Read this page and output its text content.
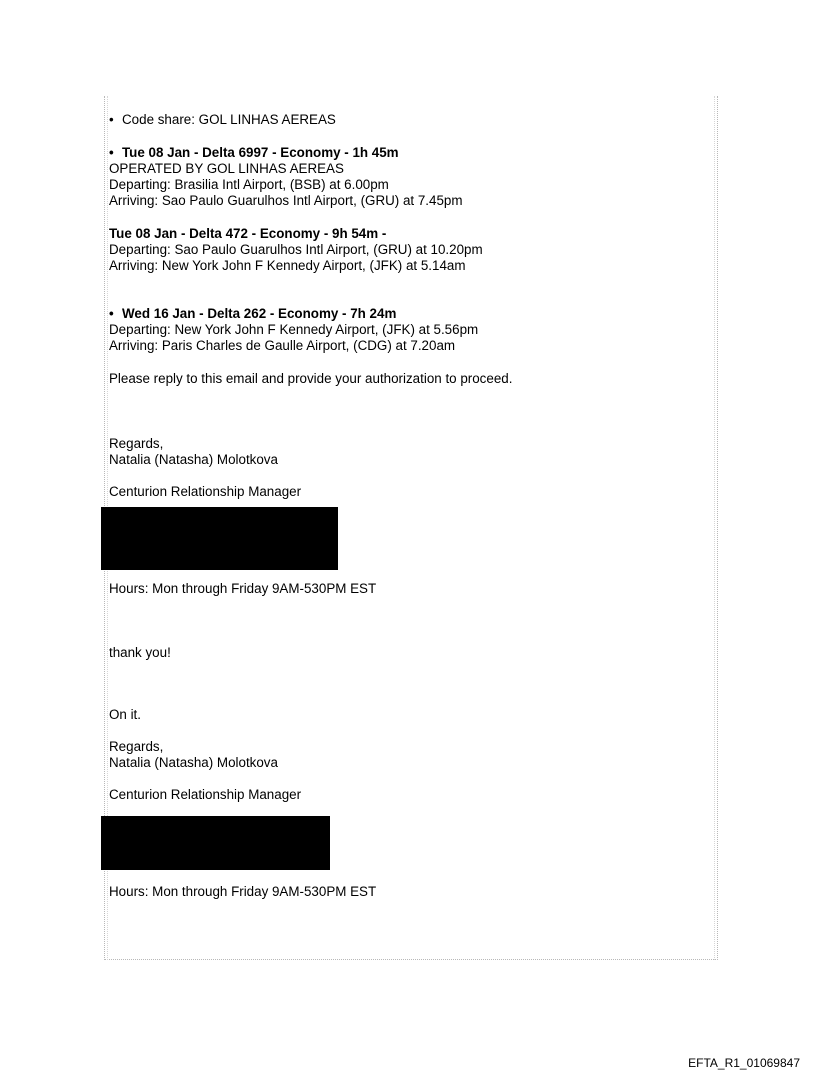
• Code share: GOL LINHAS AEREAS
• Tue 08 Jan - Delta 6997 - Economy - 1h 45m
OPERATED BY GOL LINHAS AEREAS
Departing: Brasilia Intl Airport, (BSB) at 6.00pm
Arriving: Sao Paulo Guarulhos Intl Airport, (GRU) at 7.45pm
Tue 08 Jan - Delta 472 - Economy - 9h 54m -
Departing: Sao Paulo Guarulhos Intl Airport, (GRU) at 10.20pm
Arriving: New York John F Kennedy Airport, (JFK) at 5.14am
• Wed 16 Jan - Delta 262 - Economy - 7h 24m
Departing: New York John F Kennedy Airport, (JFK) at 5.56pm
Arriving: Paris Charles de Gaulle Airport, (CDG) at 7.20am
Please reply to this email and provide your authorization to proceed.
Regards,
Natalia (Natasha) Molotkova
Centurion Relationship Manager
Hours: Mon through Friday 9AM-530PM EST
thank you!
On it.
Regards,
Natalia (Natasha) Molotkova
Centurion Relationship Manager
Hours: Mon through Friday 9AM-530PM EST
EFTA_R1_01069847
